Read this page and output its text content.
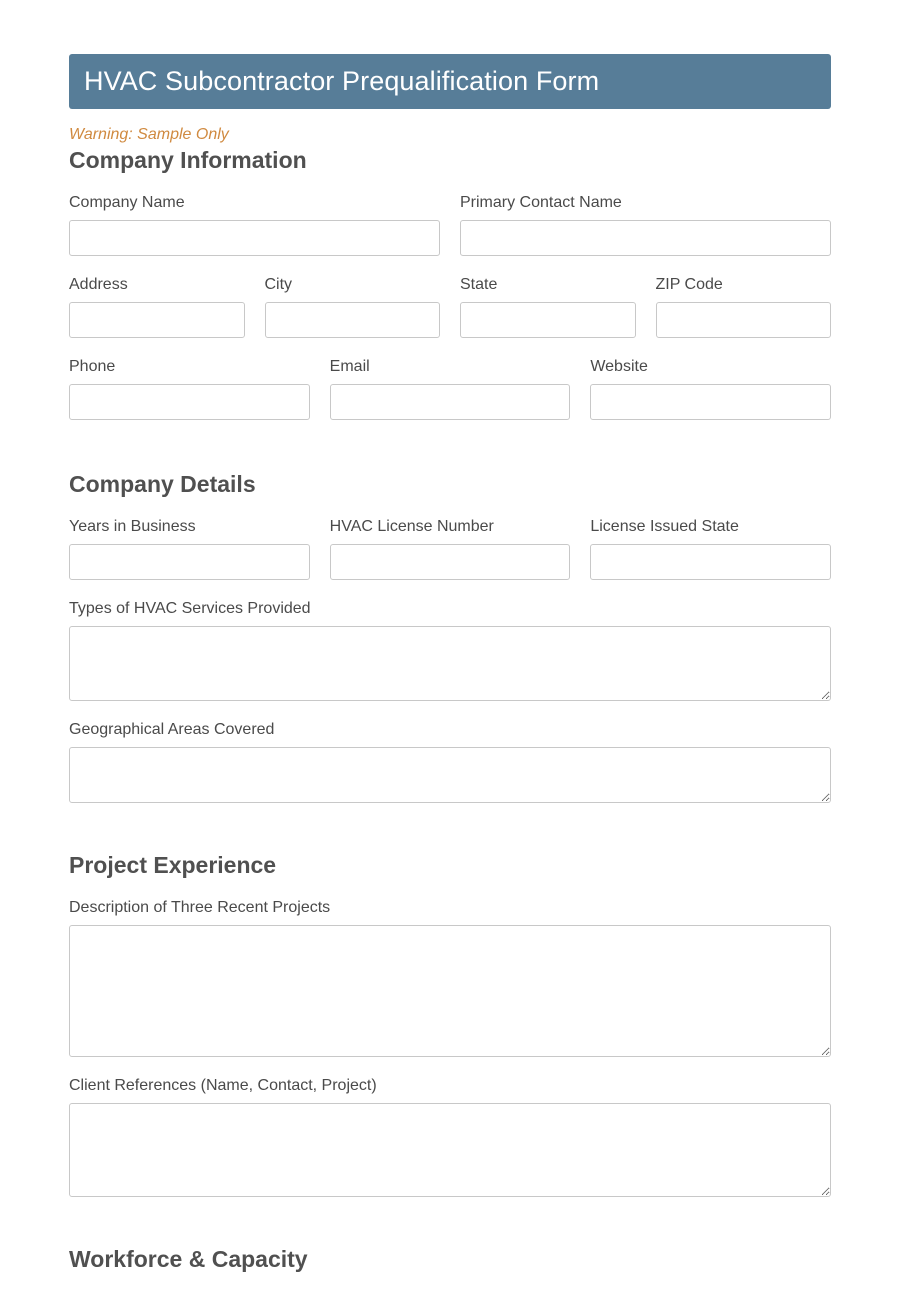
HVAC Subcontractor Prequalification Form
Warning: Sample Only
Company Information
Company Name	Primary Contact Name
Address	City	State	ZIP Code
Phone	Email	Website
Company Details
Years in Business	HVAC License Number	License Issued State
Types of HVAC Services Provided
Geographical Areas Covered
Project Experience
Description of Three Recent Projects
Client References (Name, Contact, Project)
Workforce & Capacity
